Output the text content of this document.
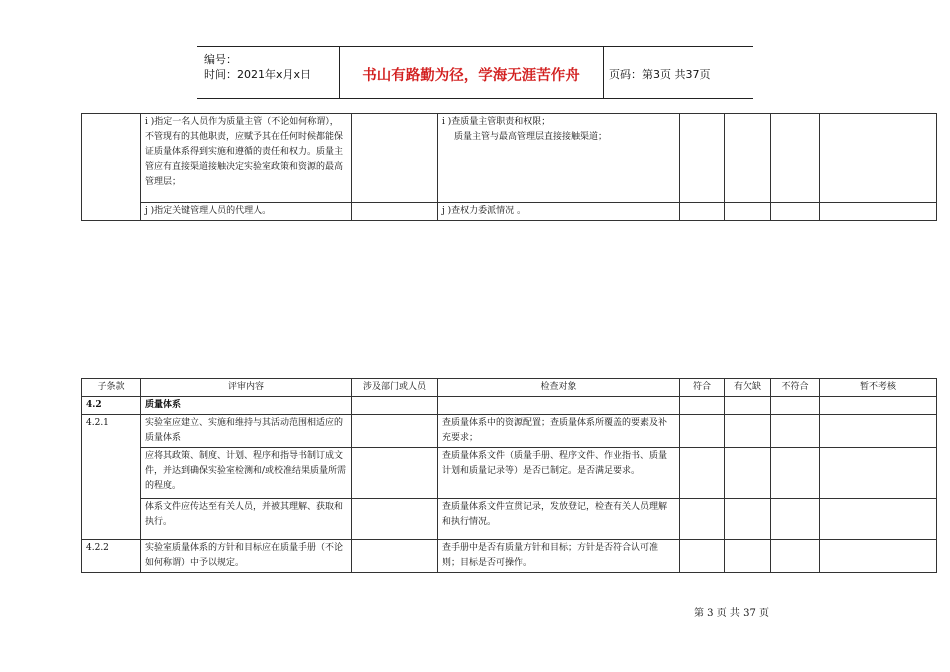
编号：
时间：2021年x月x日	书山有路勤为径，学海无涯苦作舟	页码：第3页 共37页
	i )指定一名人员作为质量主管（不论如何称谓），不管现有的其他职责，应赋予其在任何时候都能保证质量体系得到实施和遵循的责任和权力。质量主管应有直接渠道接触决定实验室政策和资源的最高管理层；		i )查质量主管职责和权限；
质量主管与最高管理层直接接触渠道；				

	j )指定关键管理人员的代理人。		j )查权力委派情况 。				
子条款	评审内容	涉及部门或人员	检查对象	符合	有欠缺	不符合	暂不考核
4.2	质量体系						
4.2.1	实验室应建立、实施和维持与其活动范围相适应的质量体系		查质量体系中的资源配置；查质量体系所覆盖的要素及补充要求；				
	应将其政策、制度、计划、程序和指导书制订成文件，并达到确保实验室检测和/或校准结果质量所需的程度。		查质量体系文件（质量手册、程序文件、作业指书、质量计划和质量记录等）是否已制定。是否满足要求。				
	体系文件应传达至有关人员，并被其理解、获取和执行。		查质量体系文件宣贯记录，发放登记，检查有关人员理解和执行情况。				
4.2.2	实验室质量体系的方针和目标应在质量手册（不论如何称谓）中予以规定。		查手册中是否有质量方针和目标；方针是否符合认可准则；目标是否可操作。				
第 3 页 共 37 页
